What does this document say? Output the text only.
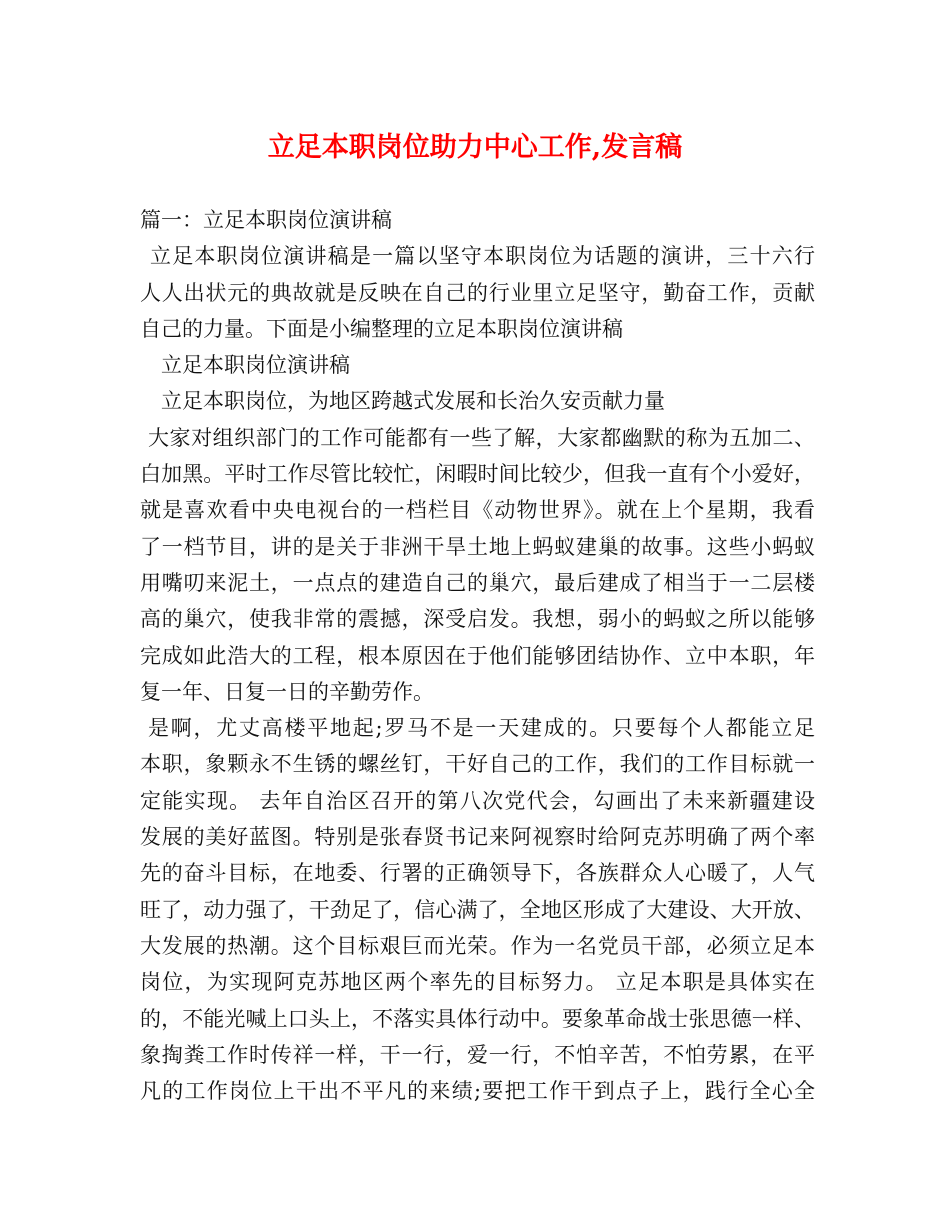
立足本职岗位助力中心工作,发言稿
篇一：立足本职岗位演讲稿
立足本职岗位演讲稿是一篇以坚守本职岗位为话题的演讲，三十六行
人人出状元的典故就是反映在自己的行业里立足坚守，勤奋工作，贡献
自己的力量。下面是小编整理的立足本职岗位演讲稿
立足本职岗位演讲稿
立足本职岗位，为地区跨越式发展和长治久安贡献力量
大家对组织部门的工作可能都有一些了解，大家都幽默的称为五加二、
白加黑。平时工作尽管比较忙，闲暇时间比较少，但我一直有个小爱好，
就是喜欢看中央电视台的一档栏目《动物世界》。就在上个星期，我看
了一档节目，讲的是关于非洲干旱土地上蚂蚁建巢的故事。这些小蚂蚁
用嘴叨来泥土，一点点的建造自己的巢穴，最后建成了相当于一二层楼
高的巢穴，使我非常的震撼，深受启发。我想，弱小的蚂蚁之所以能够
完成如此浩大的工程，根本原因在于他们能够团结协作、立中本职，年
复一年、日复一日的辛勤劳作。
是啊，尤丈高楼平地起;罗马不是一天建成的。只要每个人都能立足
本职，象颗永不生锈的螺丝钉，干好自己的工作，我们的工作目标就一
定能实现。 去年自治区召开的第八次党代会，勾画出了未来新疆建设
发展的美好蓝图。特别是张春贤书记来阿视察时给阿克苏明确了两个率
先的奋斗目标，在地委、行署的正确领导下，各族群众人心暖了，人气
旺了，动力强了，干劲足了，信心满了，全地区形成了大建设、大开放、
大发展的热潮。这个目标艰巨而光荣。作为一名党员干部，必须立足本
岗位，为实现阿克苏地区两个率先的目标努力。 立足本职是具体实在
的，不能光喊上口头上，不落实具体行动中。要象革命战士张思德一样、
象掏粪工作时传祥一样，干一行，爱一行，不怕辛苦，不怕劳累，在平
凡的工作岗位上干出不平凡的来绩;要把工作干到点子上，践行全心全
